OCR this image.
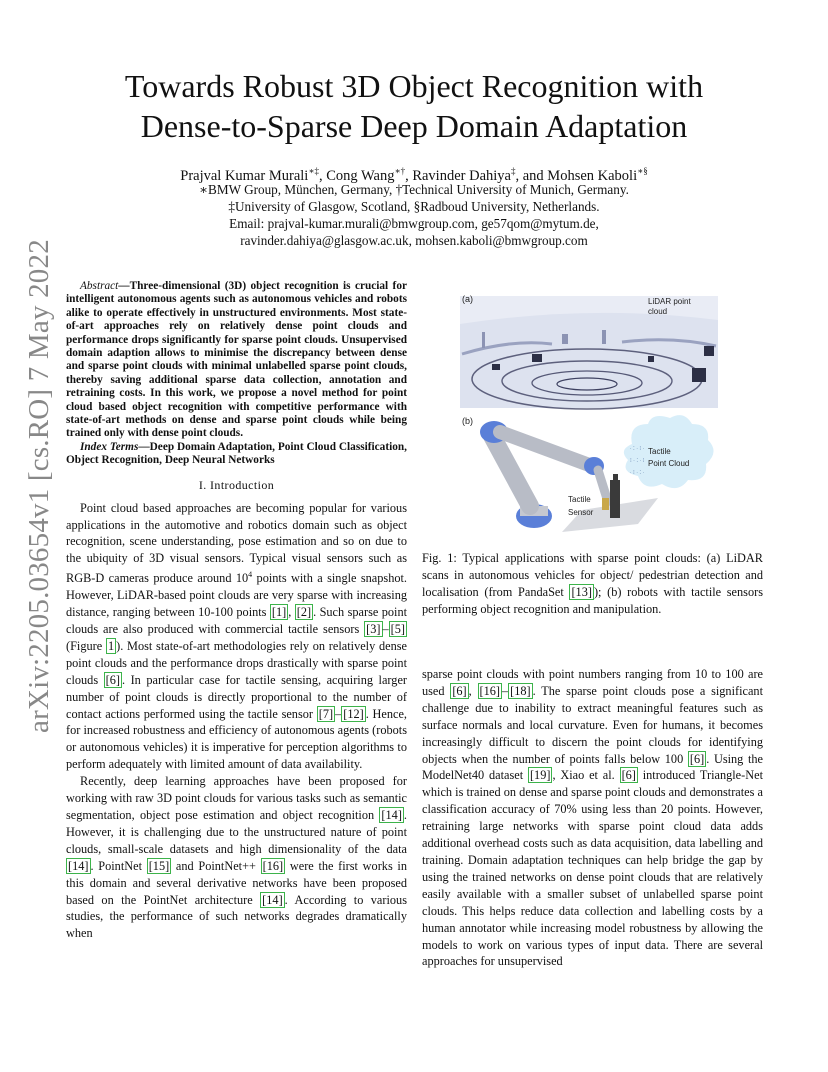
arXiv:2205.03654v1 [cs.RO] 7 May 2022
Towards Robust 3D Object Recognition with
Dense-to-Sparse Deep Domain Adaptation
Prajval Kumar Murali∗‡, Cong Wang∗†, Ravinder Dahiya‡, and Mohsen Kaboli∗§
∗BMW Group, München, Germany, †Technical University of Munich, Germany.
‡University of Glasgow, Scotland, §Radboud University, Netherlands.
Email: prajval-kumar.murali@bmwgroup.com, ge57qom@mytum.de,
ravinder.dahiya@glasgow.ac.uk, mohsen.kaboli@bmwgroup.com

Abstract—Three-dimensional (3D) object recognition is crucial for intelligent autonomous agents such as autonomous vehicles and robots alike to operate effectively in unstructured environments. Most state-of-art approaches rely on relatively dense point clouds and performance drops significantly for sparse point clouds. Unsupervised domain adaption allows to minimise the discrepancy between dense and sparse point clouds with minimal unlabelled sparse point clouds, thereby saving additional sparse data collection, annotation and retraining costs. In this work, we propose a novel method for point cloud based object recognition with competitive performance with state-of-art methods on dense and sparse point clouds while being trained only with dense point clouds.

Index Terms—Deep Domain Adaptation, Point Cloud Classification, Object Recognition, Deep Neural Networks

I. Introduction

Point cloud based approaches are becoming popular for various applications in the automotive and robotics domain such as object recognition, scene understanding, pose estimation and so on due to the ubiquity of 3D visual sensors. Typical visual sensors such as RGB-D cameras produce around $10^4$ points with a single snapshot. However, LiDAR-based point clouds are very sparse with increasing distance, ranging between 10-100 points [1] , [2] . Such sparse point clouds are also produced with commercial tactile sensors [3] – [5] (Figure 1 ). Most state-of-art methodologies rely on relatively dense point clouds and the performance drops drastically with sparse point clouds [6] . In particular case for tactile sensing, acquiring larger number of point clouds is directly proportional to the number of contact actions performed using the tactile sensor [7] – [12] . Hence, for increased robustness and efficiency of autonomous agents (robots or autonomous vehicles) it is imperative for perception algorithms to perform adequately with limited amount of data availability.

Recently, deep learning approaches have been proposed for working with raw 3D point clouds for various tasks such as semantic segmentation, object pose estimation and object recognition [14] . However, it is challenging due to the unstructured nature of point clouds, small-scale datasets and high dimensionality of the data [14] . PointNet [15] and PointNet++ [16] were the first works in this domain and several derivative networks have been proposed based on the PointNet architecture [14] . According to various studies, the performance of such networks degrades dramatically when

(a)	LiDAR point
cloud
(b)
∙ ⁚ ∙ ⁝ ∙
⁝ ∙ ⁚ ∙ ⁝
∙ ⁝ ∙ ⁚ ∙
Tactile
Point Cloud
Tactile
Sensor
Fig. 1: Typical applications with sparse point clouds: (a) LiDAR scans in autonomous vehicles for object/ pedestrian detection and localisation (from PandaSet [13] ); (b) robots with tactile sensors performing object recognition and manipulation.

sparse point clouds with point numbers ranging from 10 to 100 are used [6] , [16] – [18] . The sparse point clouds pose a significant challenge due to inability to extract meaningful features such as surface normals and local curvature. Even for humans, it becomes increasingly difficult to discern the point clouds for identifying objects when the number of points falls below 100 [6] . Using the ModelNet40 dataset [19] , Xiao et al. [6] introduced Triangle-Net which is trained on dense and sparse point clouds and demonstrates a classification accuracy of 70% using less than 20 points. However, retraining large networks with sparse point cloud data adds additional overhead costs such as data acquisition, data labelling and training. Domain adaptation techniques can help bridge the gap by using the trained networks on dense point clouds that are relatively easily available with a smaller subset of unlabelled sparse point clouds. This helps reduce data collection and labelling costs by a human annotator while increasing model robustness by allowing the models to work on various types of input data. There are several approaches for unsupervised
